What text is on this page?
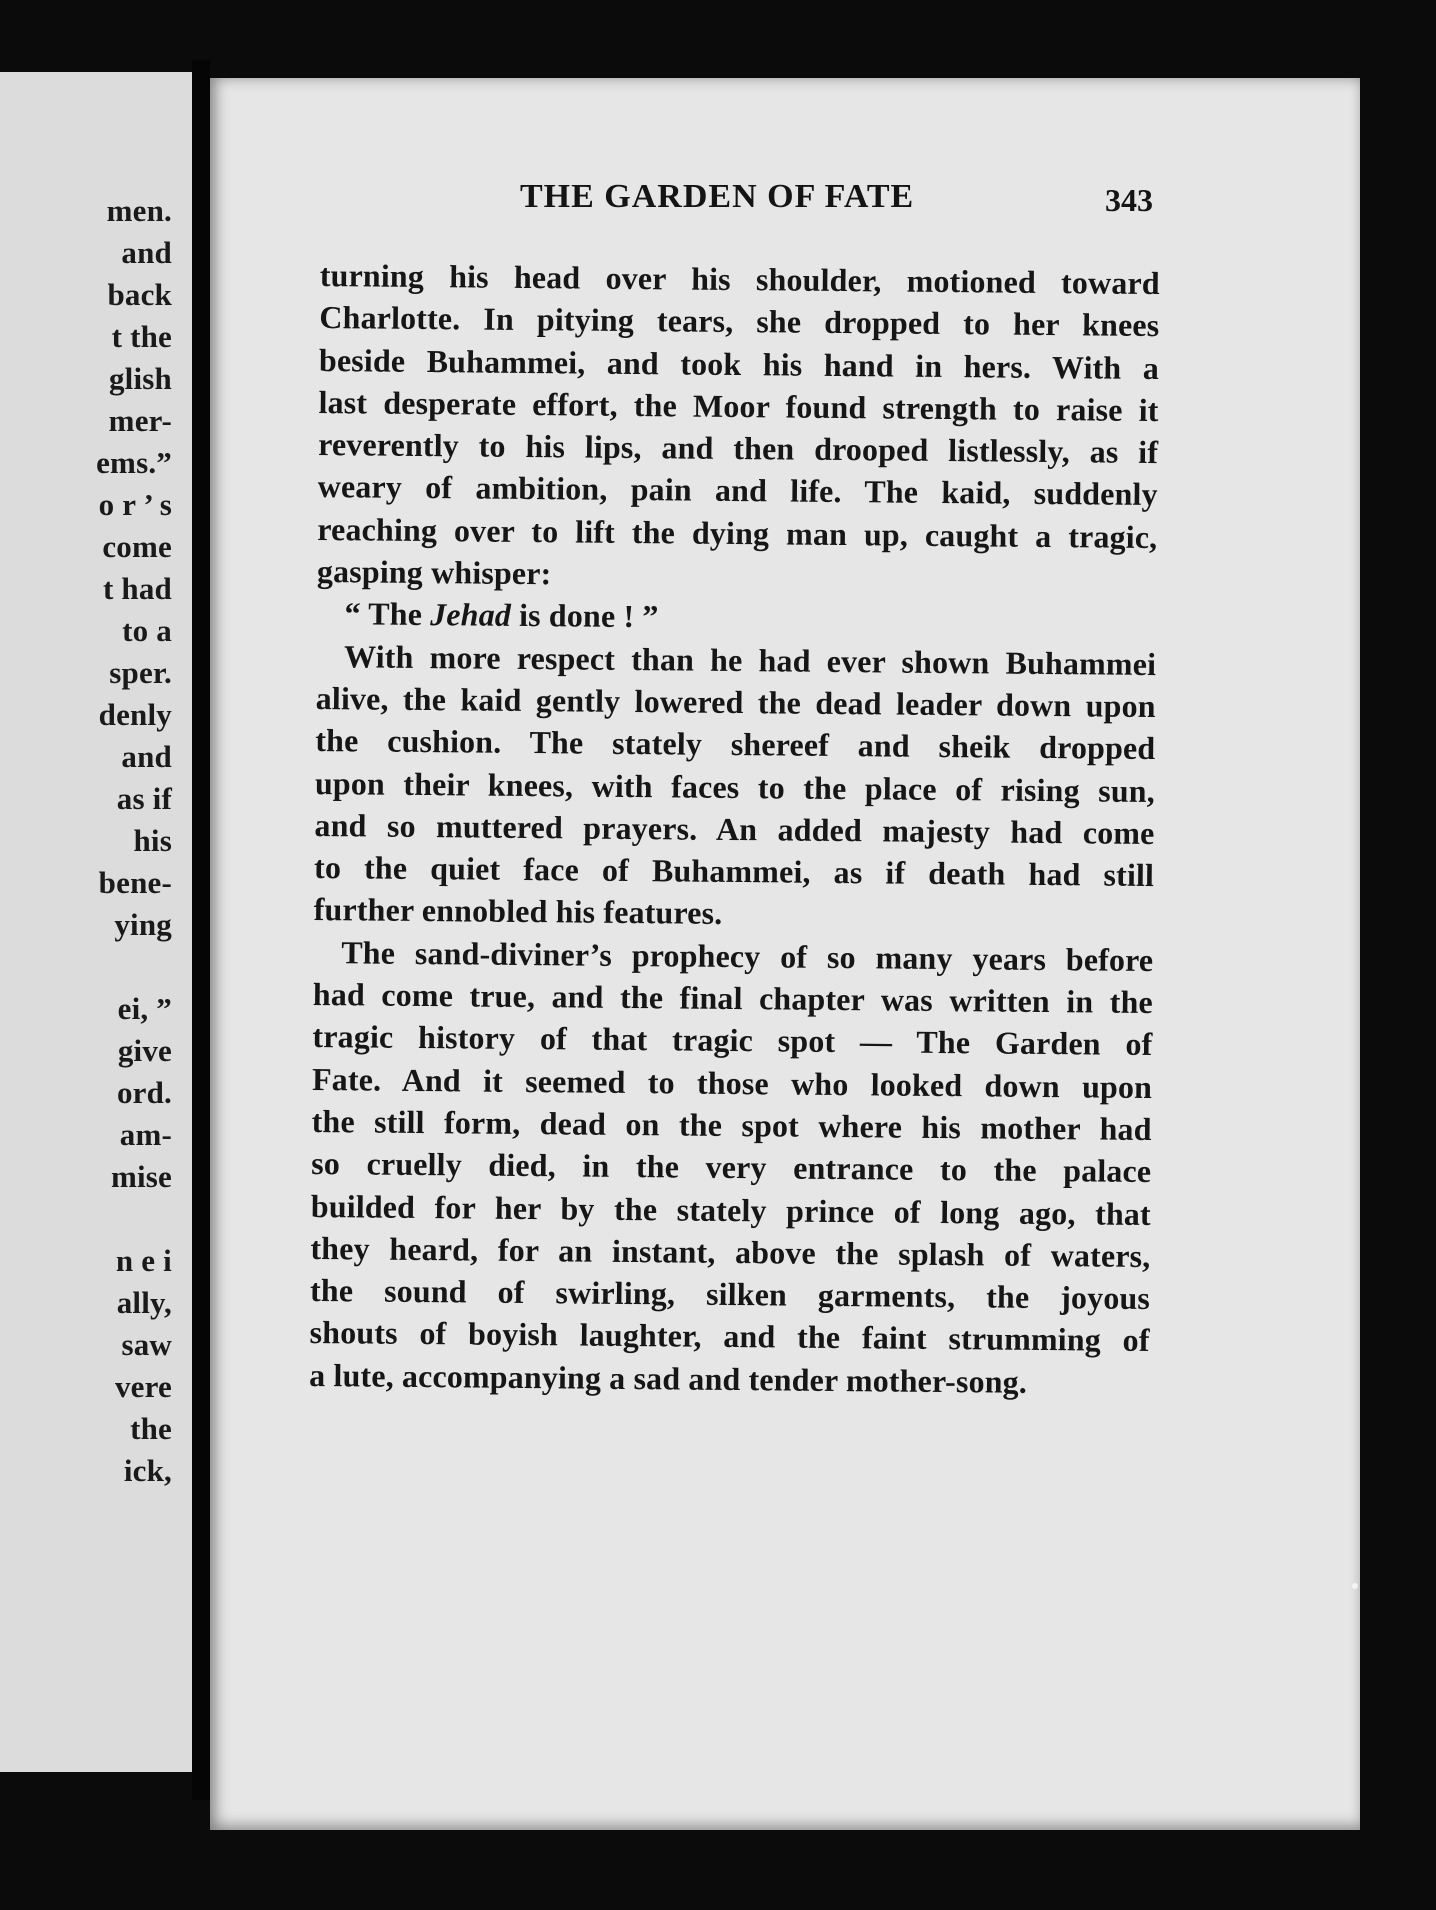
men.
and
back
t the
glish
mer-
ems.”
o r ’ s
come
t had
to a
sper.
denly
and
as if
his
bene-
ying
ei, ”
give
ord.
am-
mise
n e i
ally,
saw
vere
the
ick,
THE GARDEN OF FATE	343
turning his head over his shoulder, motioned toward
Charlotte. In pitying tears, she dropped to her knees
beside Buhammei, and took his hand in hers. With a
last desperate effort, the Moor found strength to raise it
reverently to his lips, and then drooped listlessly, as if
weary of ambition, pain and life. The kaid, suddenly
reaching over to lift the dying man up, caught a tragic,
gasping whisper:
“ The Jehad is done ! ”
With more respect than he had ever shown Buhammei
alive, the kaid gently lowered the dead leader down upon
the cushion. The stately shereef and sheik dropped
upon their knees, with faces to the place of rising sun,
and so muttered prayers. An added majesty had come
to the quiet face of Buhammei, as if death had still
further ennobled his features.
The sand-diviner’s prophecy of so many years before
had come true, and the final chapter was written in the
tragic history of that tragic spot — The Garden of
Fate. And it seemed to those who looked down upon
the still form, dead on the spot where his mother had
so cruelly died, in the very entrance to the palace
builded for her by the stately prince of long ago, that
they heard, for an instant, above the splash of waters,
the sound of swirling, silken garments, the joyous
shouts of boyish laughter, and the faint strumming of
a lute, accompanying a sad and tender mother-song.
